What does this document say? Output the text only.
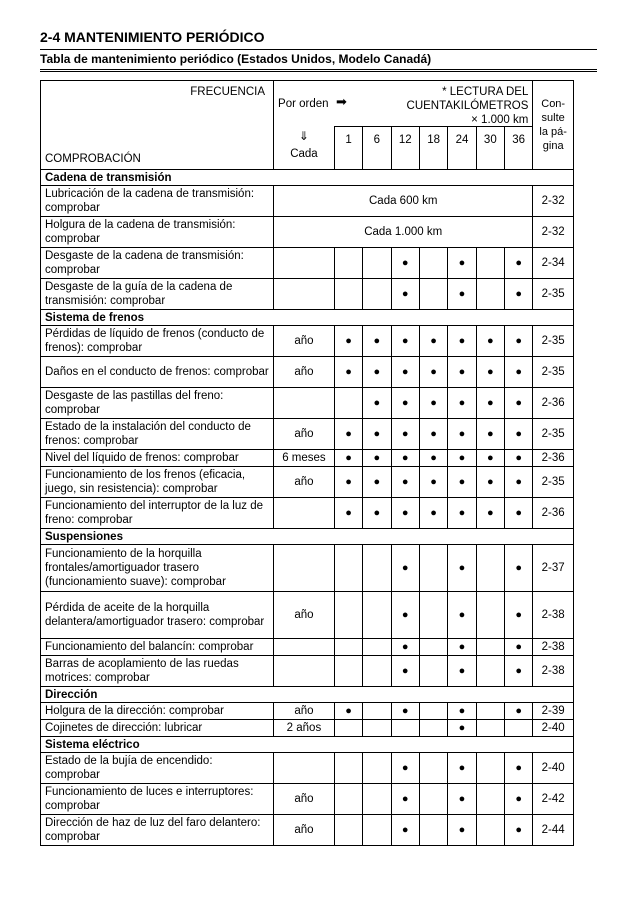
2-4 MANTENIMIENTO PERIÓDICO
Tabla de mantenimiento periódico (Estados Unidos, Modelo Canadá)
FRECUENCIA
COMPROBACIÓN	Por orden ➡
* LECTURA DEL
CUENTAKILÓMETROS
× 1.000 km								Con-
sulte
la pá-
gina

	⇓
Cada	1	6	12	18	24	30	36	
Cadena de transmisión									
Lubricación de la cadena de transmisión: comprobar	Cada 600 km								2-32
Holgura de la cadena de transmisión: comprobar	Cada 1.000 km								2-32
Desgaste de la cadena de transmisión: comprobar				●		●		●	2-34
Desgaste de la guía de la cadena de transmisión: comprobar				●		●		●	2-35
Sistema de frenos									
Pérdidas de líquido de frenos (conducto de frenos): comprobar	año	●	●	●	●	●	●	●	2-35
Daños en el conducto de frenos: comprobar	año	●	●	●	●	●	●	●	2-35
Desgaste de las pastillas del freno: comprobar			●	●	●	●	●	●	2-36
Estado de la instalación del conducto de frenos: comprobar	año	●	●	●	●	●	●	●	2-35
Nivel del líquido de frenos: comprobar	6 meses	●	●	●	●	●	●	●	2-36
Funcionamiento de los frenos (eficacia, juego, sin resistencia): comprobar	año	●	●	●	●	●	●	●	2-35
Funcionamiento del interruptor de la luz de freno: comprobar		●	●	●	●	●	●	●	2-36
Suspensiones									
Funcionamiento de la horquilla frontales/amortiguador trasero (funcionamiento suave): comprobar				●		●		●	2-37
Pérdida de aceite de la horquilla delantera/amortiguador trasero: comprobar	año			●		●		●	2-38
Funcionamiento del balancín: comprobar				●		●		●	2-38
Barras de acoplamiento de las ruedas motrices: comprobar				●		●		●	2-38
Dirección									
Holgura de la dirección: comprobar	año	●		●		●		●	2-39
Cojinetes de dirección: lubricar	2 años					●			2-40
Sistema eléctrico									
Estado de la bujía de encendido: comprobar				●		●		●	2-40
Funcionamiento de luces e interruptores: comprobar	año			●		●		●	2-42
Dirección de haz de luz del faro delantero: comprobar	año			●		●		●	2-44
